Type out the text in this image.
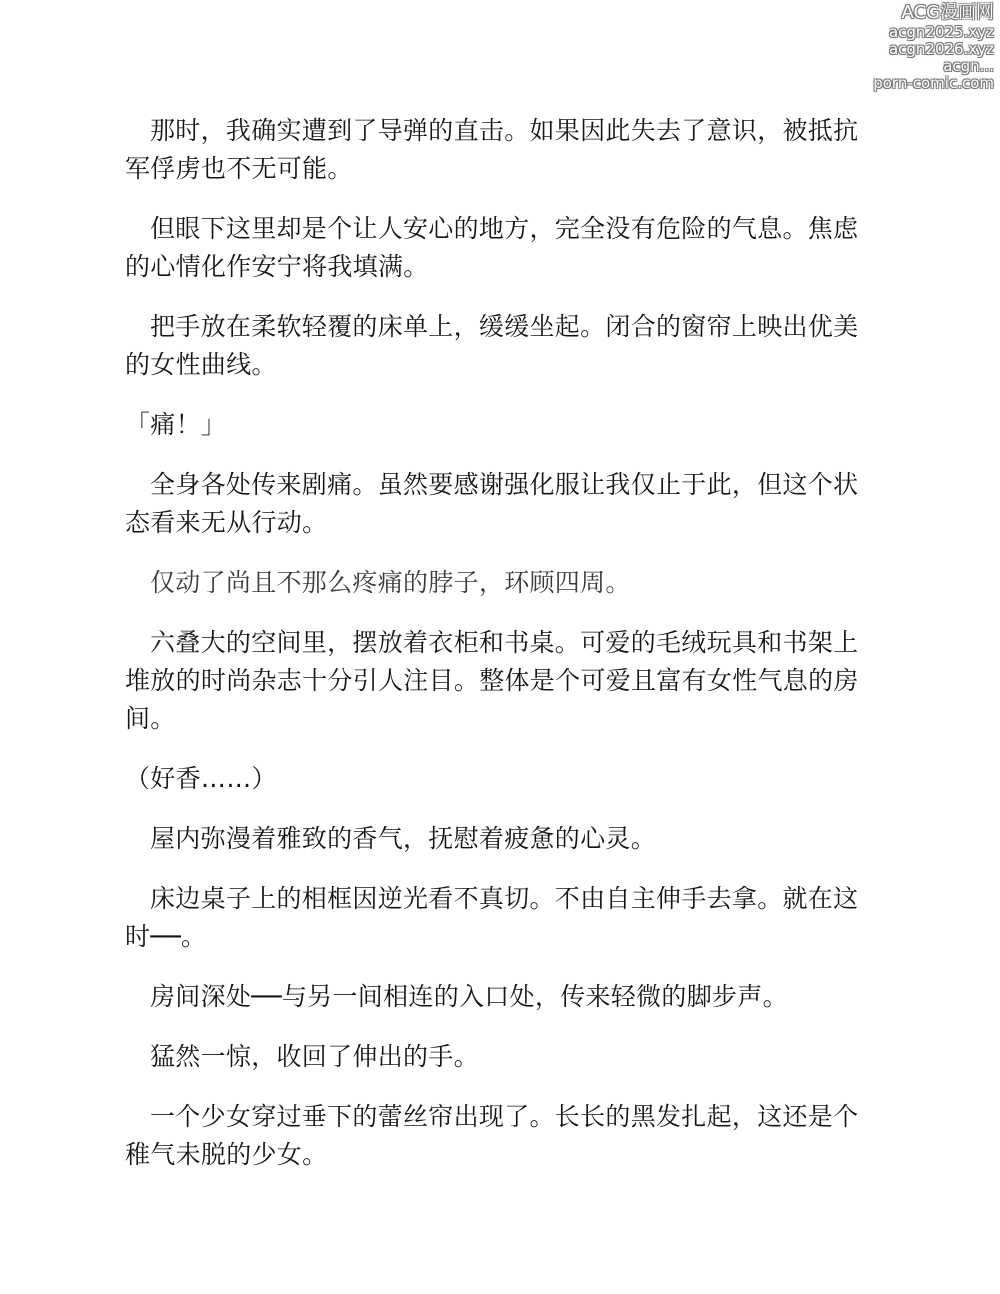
ACG漫画网
acgn2025.xyz
acgn2026.xyz
acgn...
porn-comic.com

那时，我确实遭到了导弹的直击。如果因此失去了意识，被抵抗军俘虏也不无可能。

但眼下这里却是个让人安心的地方，完全没有危险的气息。焦虑的心情化作安宁将我填满。

把手放在柔软轻覆的床单上，缓缓坐起。闭合的窗帘上映出优美的女性曲线。

「痛！」

全身各处传来剧痛。虽然要感谢强化服让我仅止于此，但这个状态看来无从行动。

仅动了尚且不那么疼痛的脖子，环顾四周。

六叠大的空间里，摆放着衣柜和书桌。可爱的毛绒玩具和书架上堆放的时尚杂志十分引人注目。整体是个可爱且富有女性气息的房间。

（好香……）

屋内弥漫着雅致的香气，抚慰着疲惫的心灵。

床边桌子上的相框因逆光看不真切。不由自主伸手去拿。就在这时──。

房间深处──与另一间相连的入口处，传来轻微的脚步声。

猛然一惊，收回了伸出的手。

一个少女穿过垂下的蕾丝帘出现了。长长的黑发扎起，这还是个稚气未脱的少女。
